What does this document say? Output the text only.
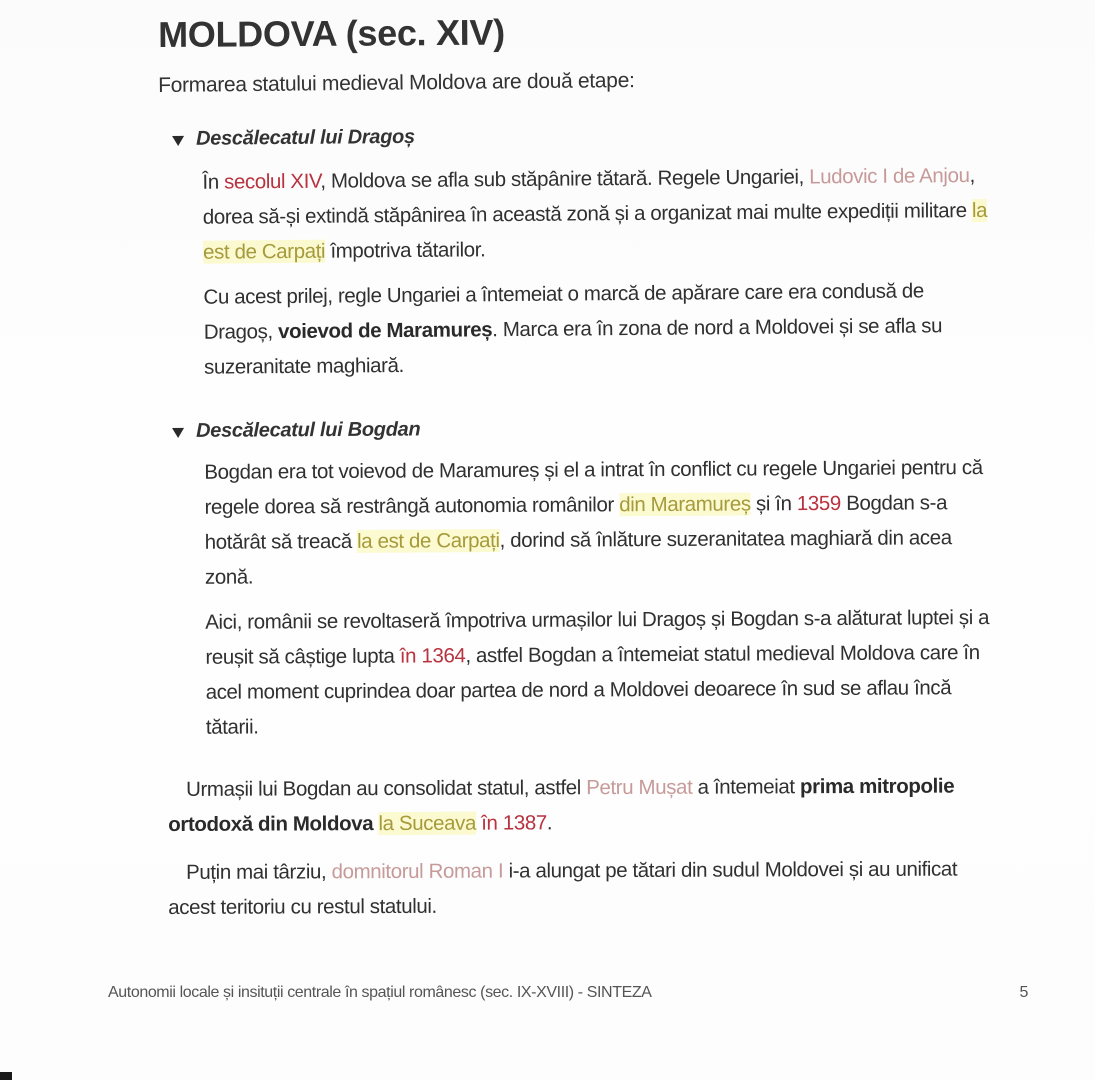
MOLDOVA (sec. XIV)
Formarea statului medieval Moldova are două etape:
Descălecatul lui Dragoș

În secolul XIV, Moldova se afla sub stăpânire tătară. Regele Ungariei, Ludovic I de Anjou, dorea să-și extindă stăpânirea în această zonă și a organizat mai multe expediții militare la est de Carpați împotriva tătarilor.

Cu acest prilej, regle Ungariei a întemeiat o marcă de apărare care era condusă de Dragoș, voievod de Maramureș. Marca era în zona de nord a Moldovei și se afla su suzeranitate maghiară.

Descălecatul lui Bogdan

Bogdan era tot voievod de Maramureș și el a intrat în conflict cu regele Ungariei pentru că regele dorea să restrângă autonomia românilor din Maramureș și în 1359 Bogdan s-a hotărât să treacă la est de Carpați, dorind să înlăture suzeranitatea maghiară din acea zonă.

Aici, românii se revoltaseră împotriva urmașilor lui Dragoș și Bogdan s-a alăturat luptei și a reușit să câștige lupta în 1364, astfel Bogdan a întemeiat statul medieval Moldova care în acel moment cuprindea doar partea de nord a Moldovei deoarece în sud se aflau încă tătarii.

Urmașii lui Bogdan au consolidat statul, astfel Petru Mușat a întemeiat prima mitropolie ortodoxă din Moldova la Suceava în 1387.

Puțin mai târziu, domnitorul Roman I i-a alungat pe tătari din sudul Moldovei și au unificat acest teritoriu cu restul statului.

Autonomii locale și insituții centrale în spațiul românesc (sec. IX-XVIII) - SINTEZA	5
